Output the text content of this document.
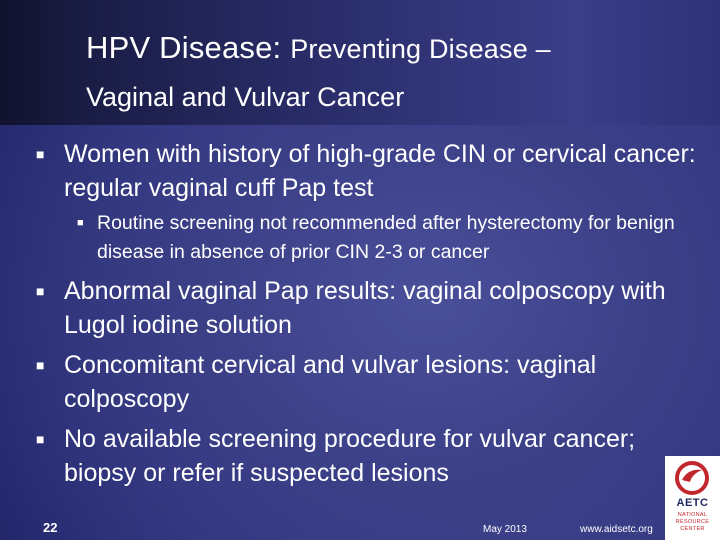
HPV Disease: Preventing Disease –
Vaginal and Vulvar Cancer
■ Women with history of high-grade CIN or cervical cancer: regular vaginal cuff Pap test
■ Routine screening not recommended after hysterectomy for benign disease in absence of prior CIN 2-3 or cancer
■ Abnormal vaginal Pap results: vaginal colposcopy with Lugol iodine solution
■ Concomitant cervical and vulvar lesions: vaginal colposcopy
■ No available screening procedure for vulvar cancer; biopsy or refer if suspected lesions
22	May 2013	www.aidsetc.org
AETC
NATIONAL
RESOURCE
CENTER
